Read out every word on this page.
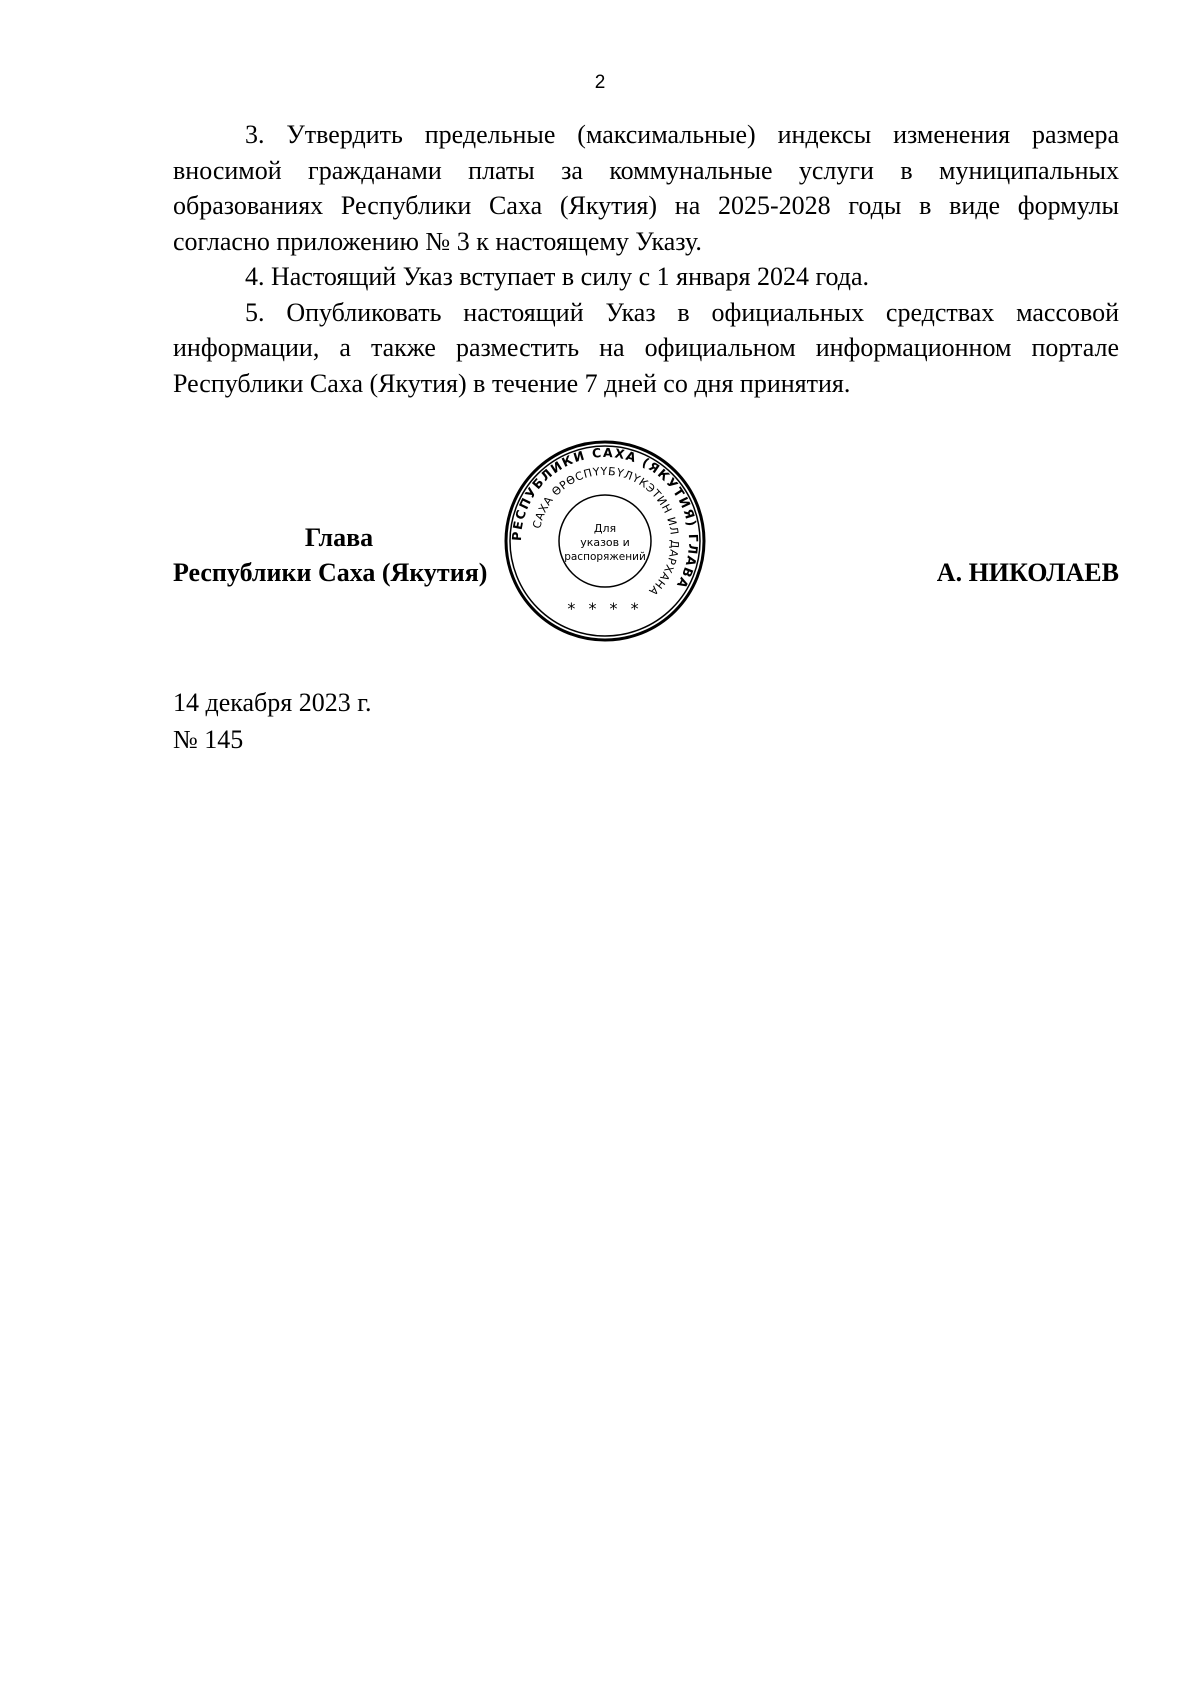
2

3. Утвердить предельные (максимальные) индексы изменения размера вносимой гражданами платы за коммунальные услуги в муниципальных образованиях Республики Саха (Якутия) на 2025-2028 годы в виде формулы согласно приложению № 3 к настоящему Указу.

4. Настоящий Указ вступает в силу с 1 января 2024 года.

5. Опубликовать настоящий Указ в официальных средствах массовой информации, а также разместить на официальном информационном портале Республики Саха (Якутия) в течение 7 дней со дня принятия.

Глава
Республики Саха (Якутия)	А. НИКОЛАЕВ
РЕСПУБЛИКИ САХА (ЯКУТИЯ) ГЛАВА
САХА ӨРӨСПҮҮБҮЛҮКЭТИН ИЛ ДАРХАНА
Для
указов и
распоряжений
* * * *
14 декабря 2023 г.
№ 145
